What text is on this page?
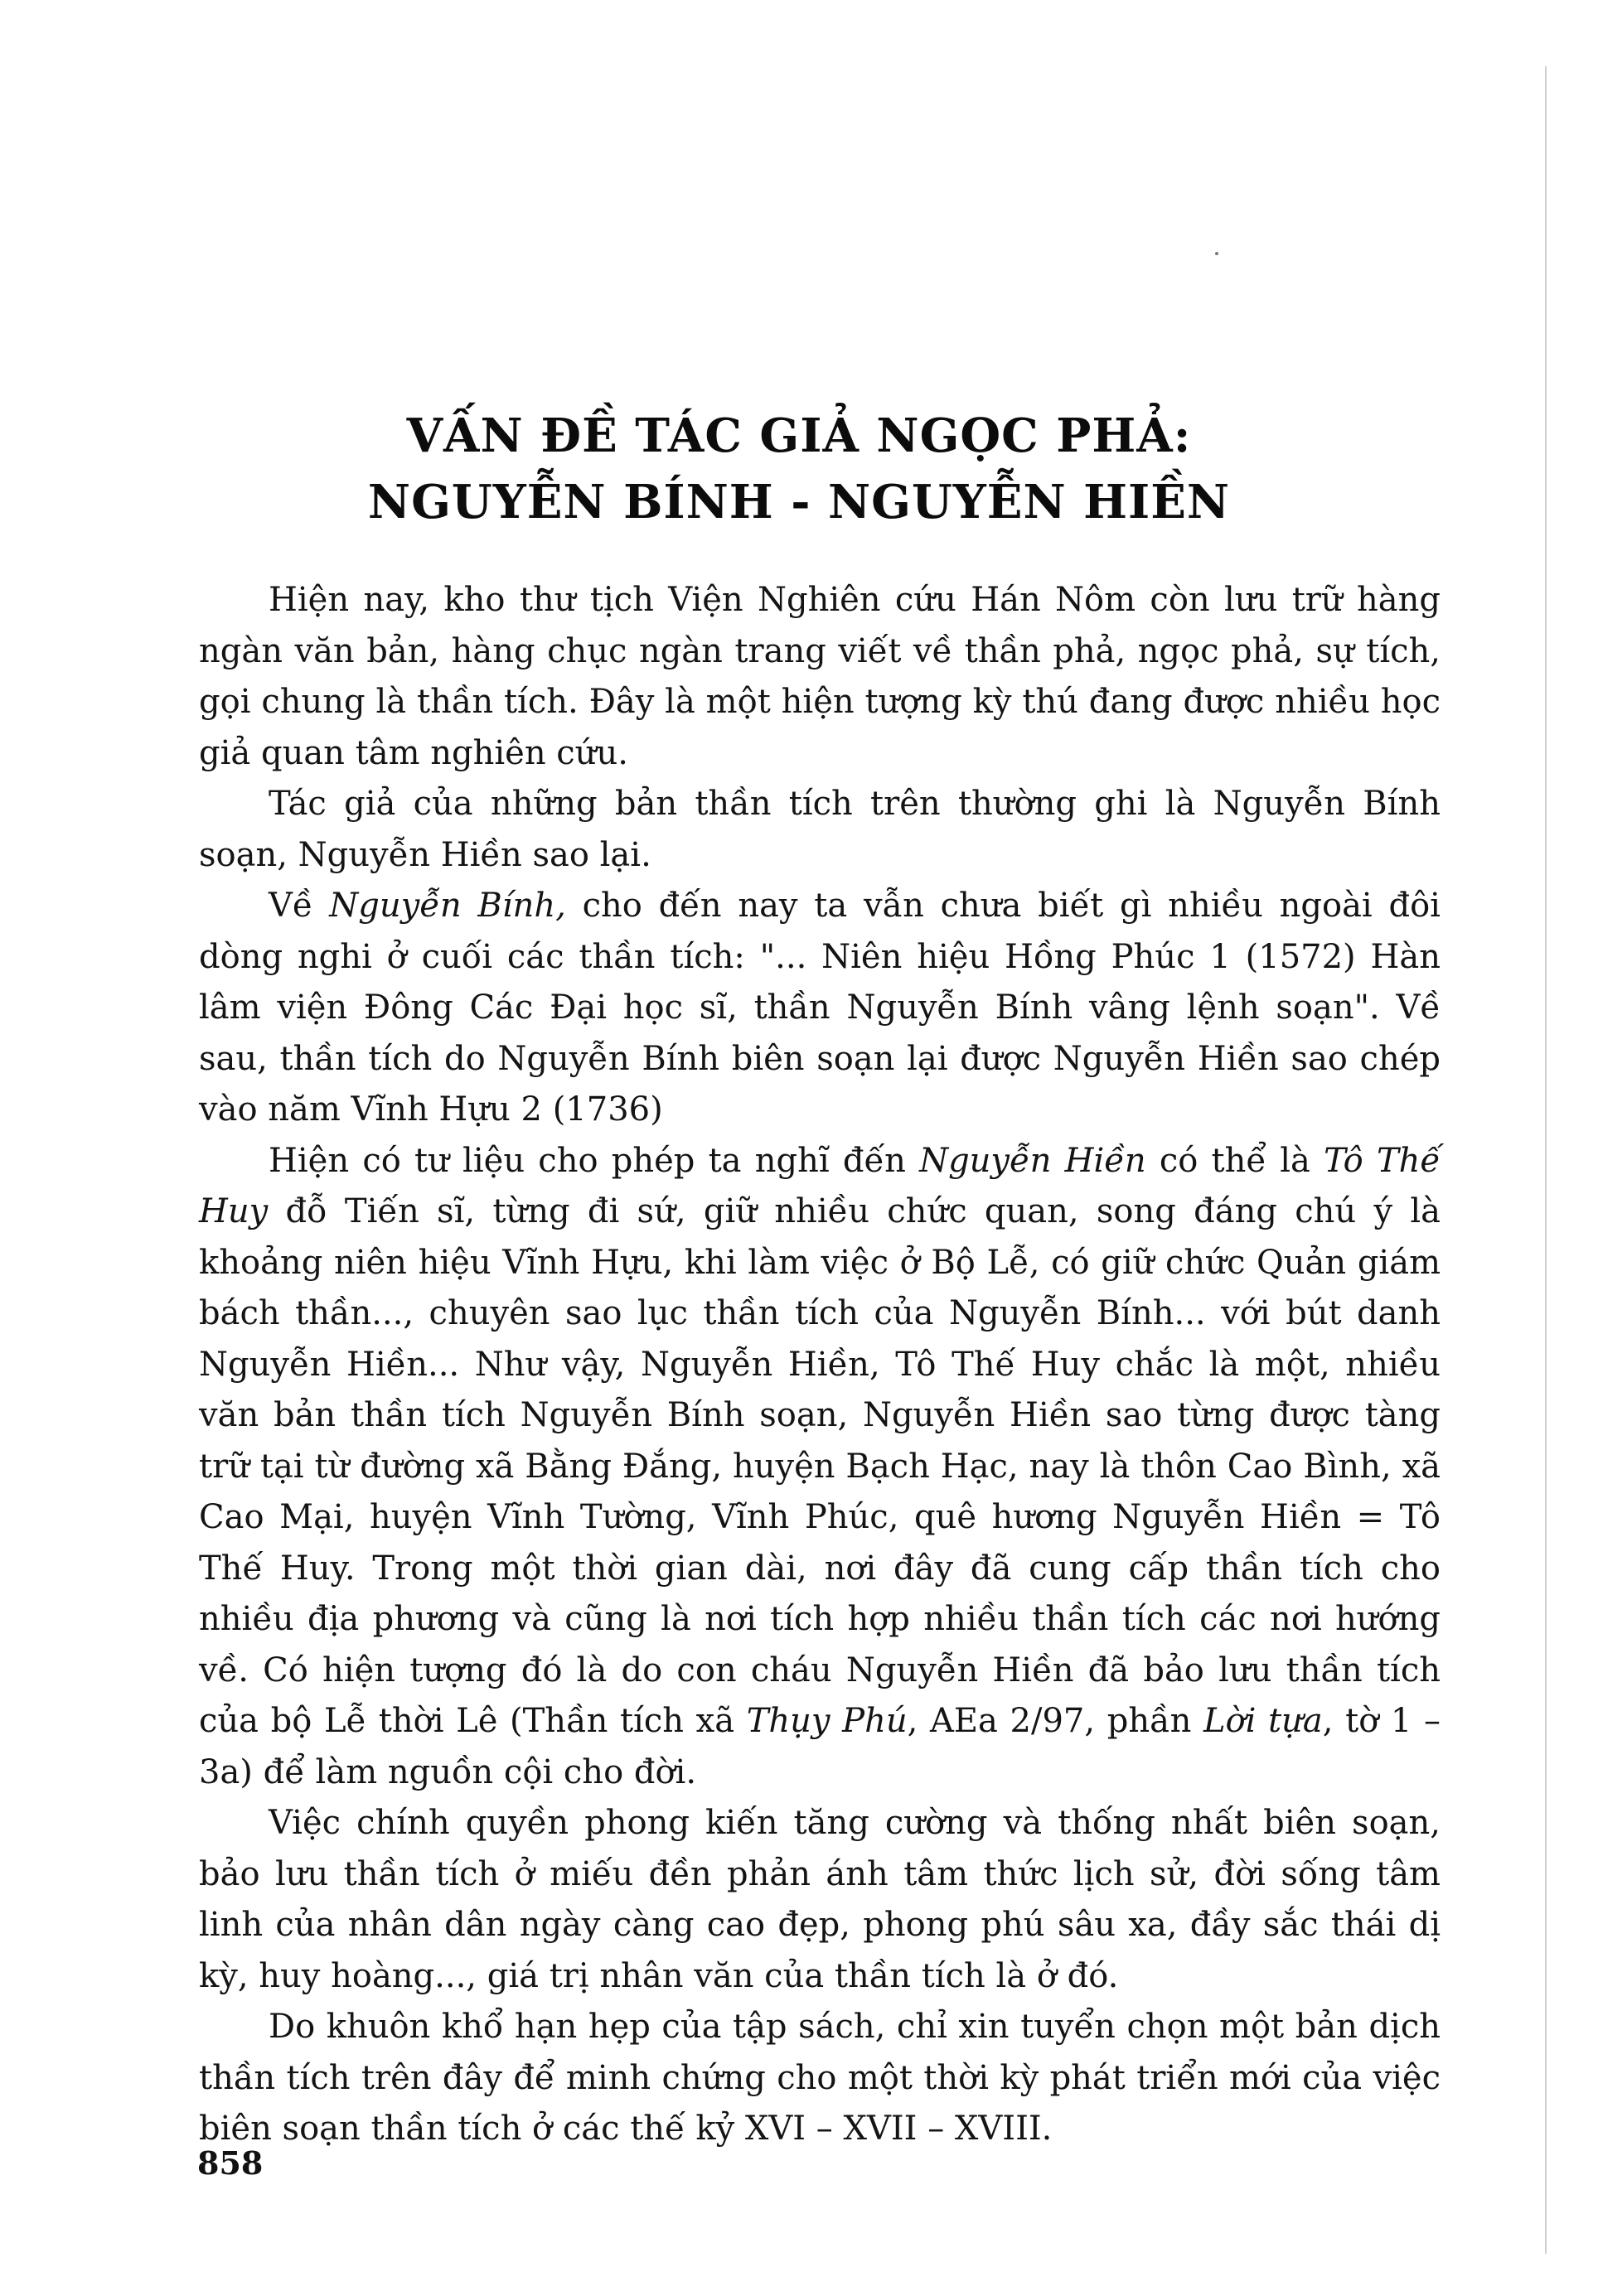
VẤN ĐỀ TÁC GIẢ NGỌC PHẢ:
NGUYỄN BÍNH - NGUYỄN HIỀN

Hiện nay, kho thư tịch Viện Nghiên cứu Hán Nôm còn lưu trữ hàng ngàn văn bản, hàng chục ngàn trang viết về thần phả, ngọc phả, sự tích, gọi chung là thần tích. Đây là một hiện tượng kỳ thú đang được nhiều học giả quan tâm nghiên cứu.

Tác giả của những bản thần tích trên thường ghi là Nguyễn Bính soạn, Nguyễn Hiền sao lại.

Về Nguyễn Bính, cho đến nay ta vẫn chưa biết gì nhiều ngoài đôi dòng nghi ở cuối các thần tích: "... Niên hiệu Hồng Phúc 1 (1572) Hàn lâm viện Đông Các Đại học sĩ, thần Nguyễn Bính vâng lệnh soạn". Về sau, thần tích do Nguyễn Bính biên soạn lại được Nguyễn Hiền sao chép vào năm Vĩnh Hựu 2 (1736)

Hiện có tư liệu cho phép ta nghĩ đến Nguyễn Hiền có thể là Tô Thế Huy đỗ Tiến sĩ, từng đi sứ, giữ nhiều chức quan, song đáng chú ý là khoảng niên hiệu Vĩnh Hựu, khi làm việc ở Bộ Lễ, có giữ chức Quản giám bách thần..., chuyên sao lục thần tích của Nguyễn Bính... với bút danh Nguyễn Hiền... Như vậy, Nguyễn Hiền, Tô Thế Huy chắc là một, nhiều văn bản thần tích Nguyễn Bính soạn, Nguyễn Hiền sao từng được tàng trữ tại từ đường xã Bằng Đắng, huyện Bạch Hạc, nay là thôn Cao Bình, xã Cao Mại, huyện Vĩnh Tường, Vĩnh Phúc, quê hương Nguyễn Hiền = Tô Thế Huy. Trong một thời gian dài, nơi đây đã cung cấp thần tích cho nhiều địa phương và cũng là nơi tích hợp nhiều thần tích các nơi hướng về. Có hiện tượng đó là do con cháu Nguyễn Hiền đã bảo lưu thần tích của bộ Lễ thời Lê (Thần tích xã Thụy Phú, AEa 2/97, phần Lời tựa, tờ 1 – 3a) để làm nguồn cội cho đời.

Việc chính quyền phong kiến tăng cường và thống nhất biên soạn, bảo lưu thần tích ở miếu đền phản ánh tâm thức lịch sử, đời sống tâm linh của nhân dân ngày càng cao đẹp, phong phú sâu xa, đầy sắc thái dị kỳ, huy hoàng..., giá trị nhân văn của thần tích là ở đó.

Do khuôn khổ hạn hẹp của tập sách, chỉ xin tuyển chọn một bản dịch thần tích trên đây để minh chứng cho một thời kỳ phát triển mới của việc biên soạn thần tích ở các thế kỷ XVI – XVII – XVIII.

858
